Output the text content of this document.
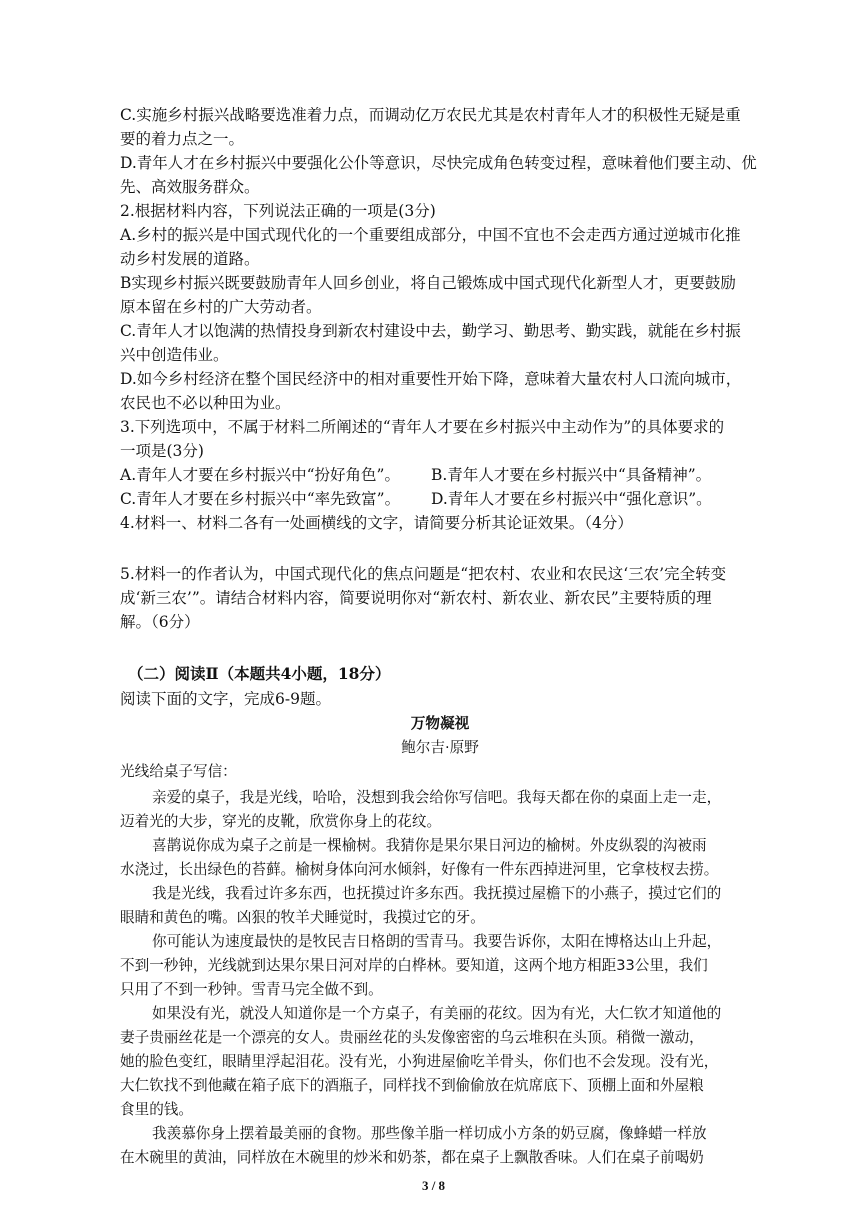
C.实施乡村振兴战略要选准着力点，而调动亿万农民尤其是农村青年人才的积极性无疑是重
要的着力点之一。
D.青年人才在乡村振兴中要强化公仆等意识，尽快完成角色转变过程，意味着他们要主动、优
先、高效服务群众。
2.根据材料内容，下列说法正确的一项是(3分)
A.乡村的振兴是中国式现代化的一个重要组成部分，中国不宜也不会走西方通过逆城市化推
动乡村发展的道路。
B实现乡村振兴既要鼓励青年人回乡创业，将自己锻炼成中国式现代化新型人才，更要鼓励
原本留在乡村的广大劳动者。
C.青年人才以饱满的热情投身到新农村建设中去，勤学习、勤思考、勤实践，就能在乡村振
兴中创造伟业。
D.如今乡村经济在整个国民经济中的相对重要性开始下降，意味着大量农村人口流向城市，
农民也不必以种田为业。
3.下列选项中，不属于材料二所阐述的“青年人才要在乡村振兴中主动作为”的具体要求的
一项是(3分)
A.青年人才要在乡村振兴中“扮好角色”。 B.青年人才要在乡村振兴中“具备精神”。
C.青年人才要在乡村振兴中“率先致富”。 D.青年人才要在乡村振兴中“强化意识”。
4.材料一、材料二各有一处画横线的文字，请简要分析其论证效果。（4分）
5.材料一的作者认为，中国式现代化的焦点问题是“把农村、农业和农民这‘三农’完全转变
成‘新三农’”。请结合材料内容，简要说明你对“新农村、新农业、新农民”主要特质的理
解。（6分）
（二）阅读Ⅱ（本题共4小题，18分）
阅读下面的文字，完成6-9题。
万物凝视
鲍尔吉·原野
光线给桌子写信：
亲爱的桌子，我是光线，哈哈，没想到我会给你写信吧。我每天都在你的桌面上走一走，
迈着光的大步，穿光的皮靴，欣赏你身上的花纹。
喜鹊说你成为桌子之前是一棵榆树。我猜你是果尔果日河边的榆树。外皮纵裂的沟被雨
水浇过，长出绿色的苔藓。榆树身体向河水倾斜，好像有一件东西掉进河里，它拿枝杈去捞。
我是光线，我看过许多东西，也抚摸过许多东西。我抚摸过屋檐下的小燕子，摸过它们的
眼睛和黄色的嘴。凶狠的牧羊犬睡觉时，我摸过它的牙。
你可能认为速度最快的是牧民吉日格朗的雪青马。我要告诉你，太阳在博格达山上升起，
不到一秒钟，光线就到达果尔果日河对岸的白桦林。要知道，这两个地方相距33公里，我们
只用了不到一秒钟。雪青马完全做不到。
如果没有光，就没人知道你是一个方桌子，有美丽的花纹。因为有光，大仁钦才知道他的
妻子贵丽丝花是一个漂亮的女人。贵丽丝花的头发像密密的乌云堆积在头顶。稍微一激动，
她的脸色变红，眼睛里浮起泪花。没有光，小狗进屋偷吃羊骨头，你们也不会发现。没有光，
大仁钦找不到他藏在箱子底下的酒瓶子，同样找不到偷偷放在炕席底下、顶棚上面和外屋粮
食里的钱。
我羡慕你身上摆着最美丽的食物。那些像羊脂一样切成小方条的奶豆腐，像蜂蜡一样放
在木碗里的黄油，同样放在木碗里的炒米和奶茶，都在桌子上飘散香味。人们在桌子前喝奶
3 / 8
